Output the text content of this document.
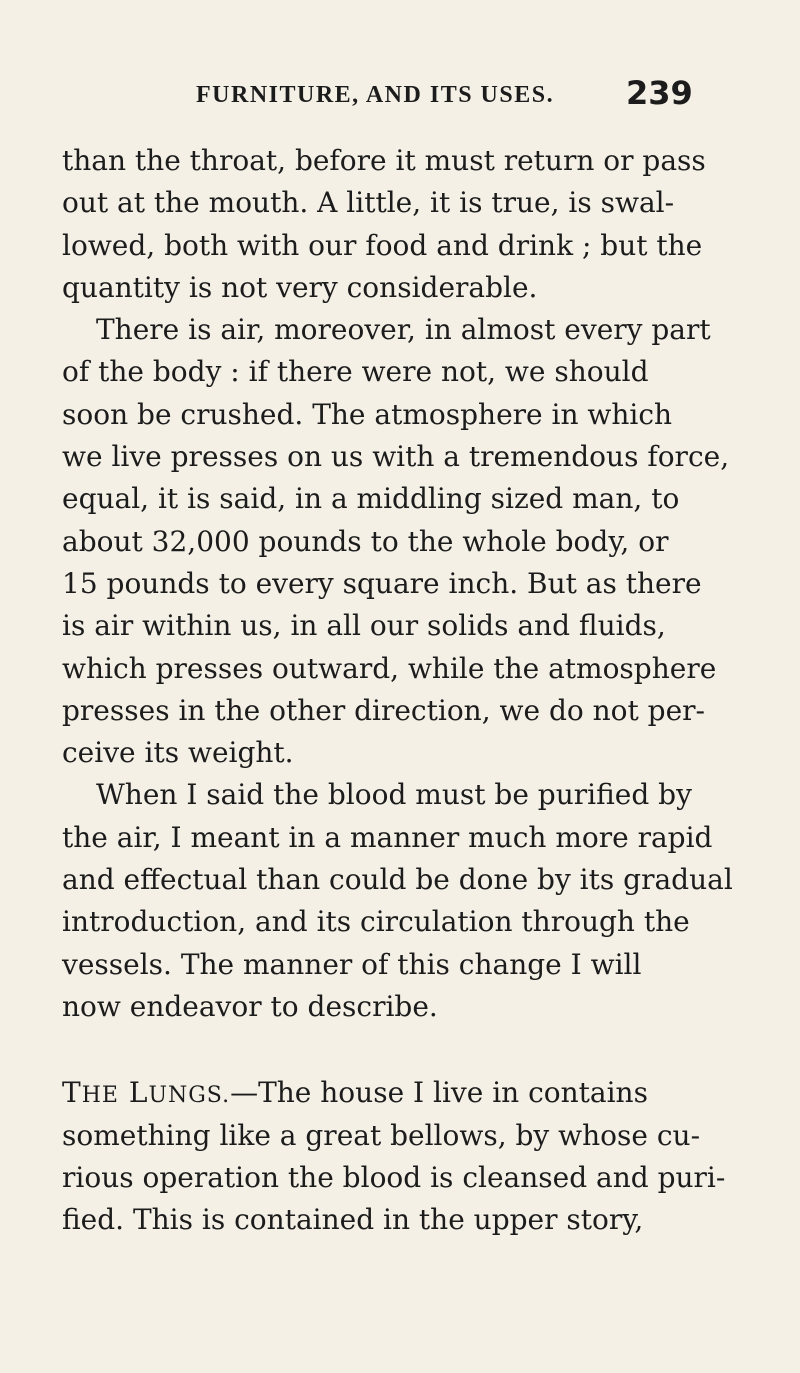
FURNITURE, AND ITS USES. 239
than the throat, before it must return or pass
out at the mouth. A little, it is true, is swal-
lowed, both with our food and drink ; but the
quantity is not very considerable.
There is air, moreover, in almost every part
of the body : if there were not, we should
soon be crushed. The atmosphere in which
we live presses on us with a tremendous force,
equal, it is said, in a middling sized man, to
about 32,000 pounds to the whole body, or
15 pounds to every square inch. But as there
is air within us, in all our solids and fluids,
which presses outward, while the atmosphere
presses in the other direction, we do not per-
ceive its weight.
When I said the blood must be purified by
the air, I meant in a manner much more rapid
and effectual than could be done by its gradual
introduction, and its circulation through the
vessels. The manner of this change I will
now endeavor to describe.
THE LUNGS.—The house I live in contains
something like a great bellows, by whose cu-
rious operation the blood is cleansed and puri-
fied. This is contained in the upper story,
